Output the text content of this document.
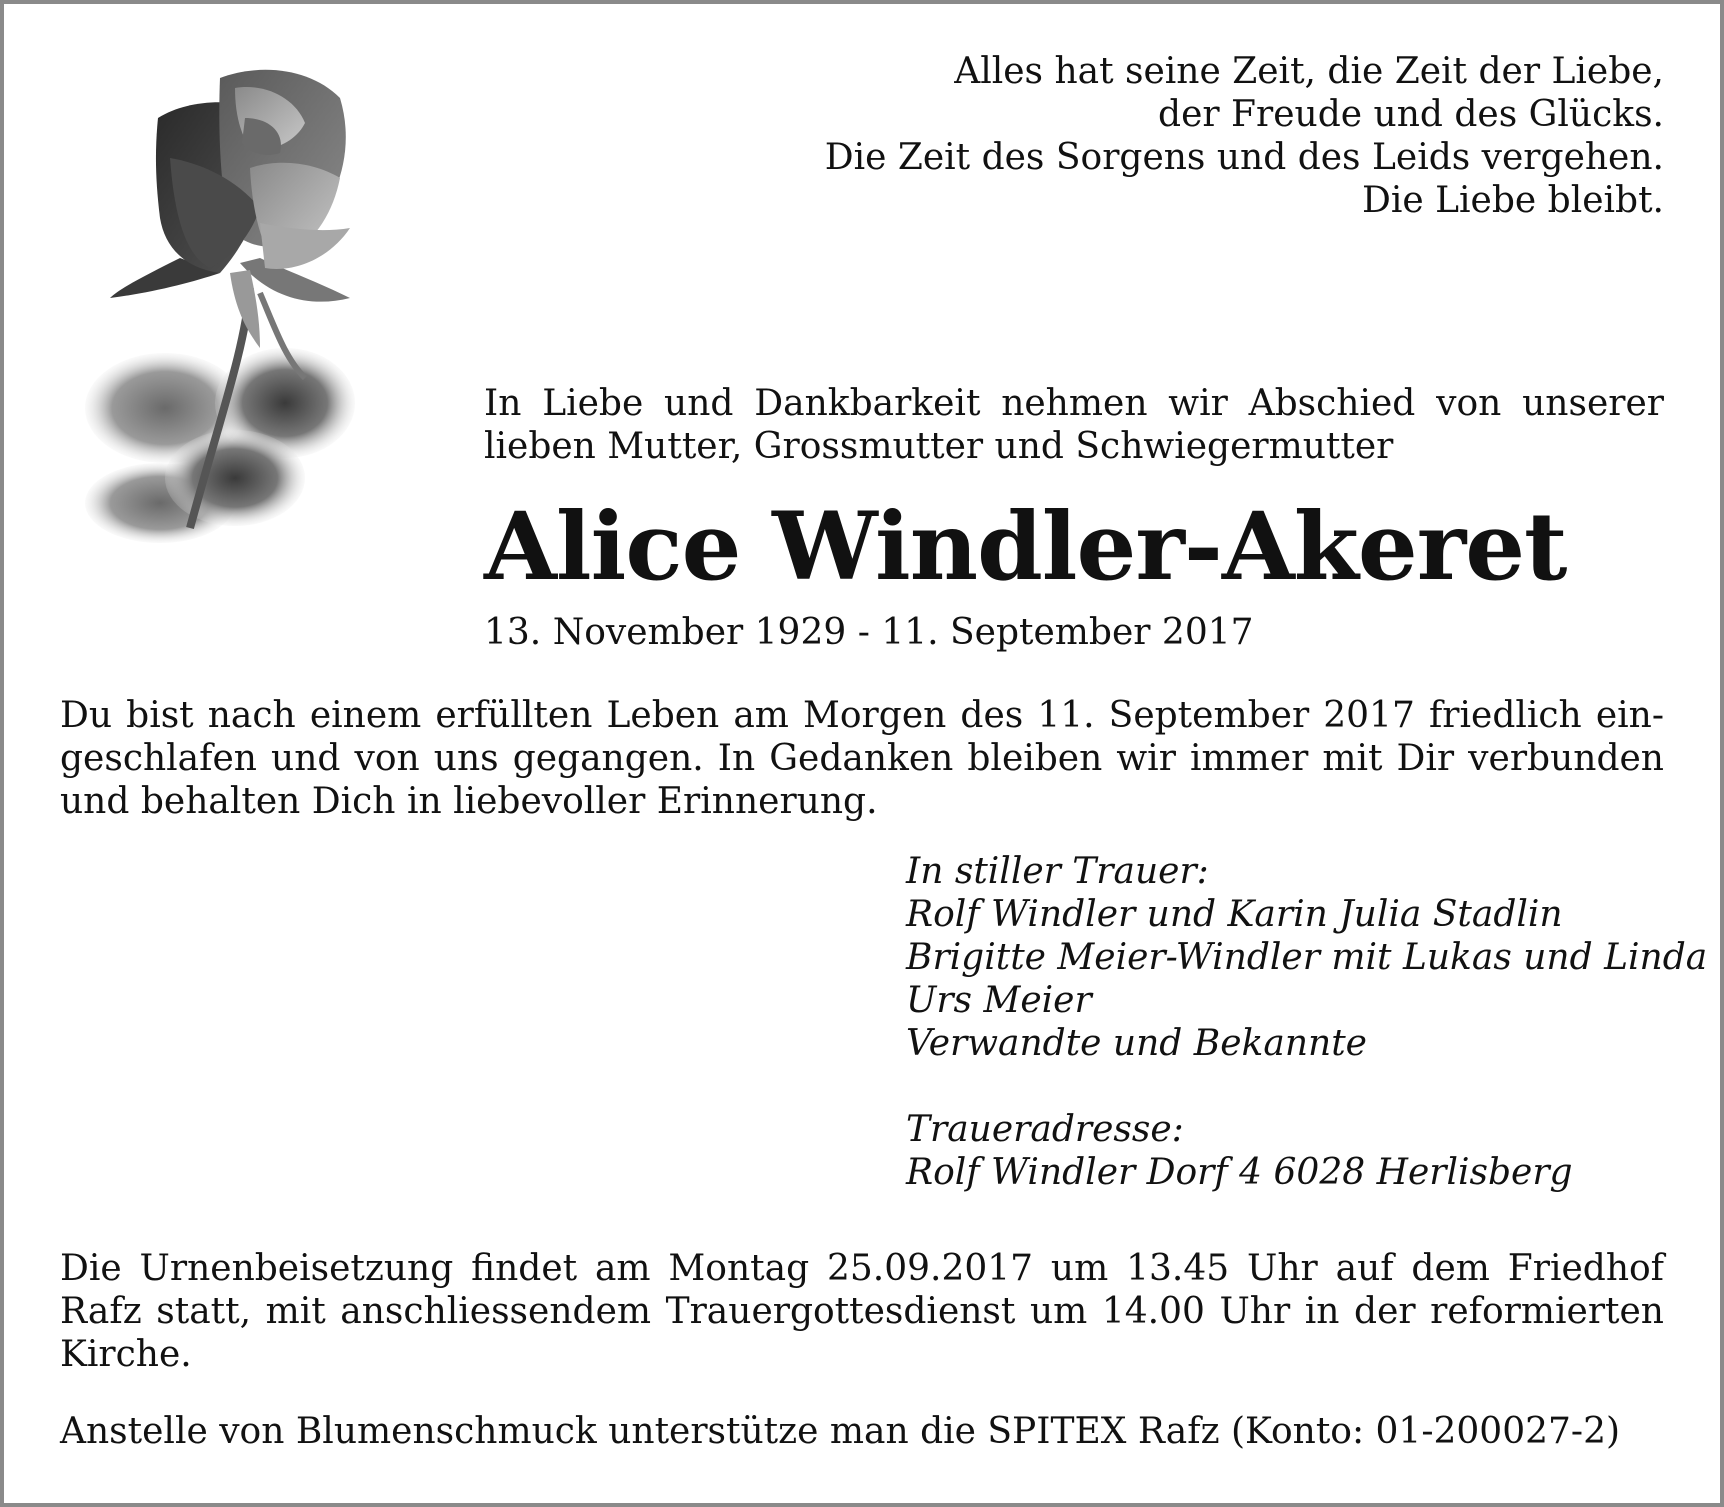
Alles hat seine Zeit, die Zeit der Liebe,
der Freude und des Glücks.
Die Zeit des Sorgens und des Leids vergehen.
Die Liebe bleibt.
In Liebe und Dankbarkeit nehmen wir Abschied von unserer
lieben Mutter, Grossmutter und Schwiegermutter
Alice Windler-Akeret
13. November 1929 - 11. September 2017
Du bist nach einem erfüllten Leben am Morgen des 11. September 2017 friedlich ein-
geschlafen und von uns gegangen. In Gedanken bleiben wir immer mit Dir verbunden
und behalten Dich in liebevoller Erinnerung.
In stiller Trauer:
Rolf Windler und Karin Julia Stadlin
Brigitte Meier-Windler mit Lukas und Linda
Urs Meier
Verwandte und Bekannte
Traueradresse:
Rolf Windler Dorf 4 6028 Herlisberg
Die Urnenbeisetzung findet am Montag 25.09.2017 um 13.45 Uhr auf dem Friedhof
Rafz statt, mit anschliessendem Trauergottesdienst um 14.00 Uhr in der reformierten
Kirche.
Anstelle von Blumenschmuck unterstütze man die SPITEX Rafz (Konto: 01-200027-2)
